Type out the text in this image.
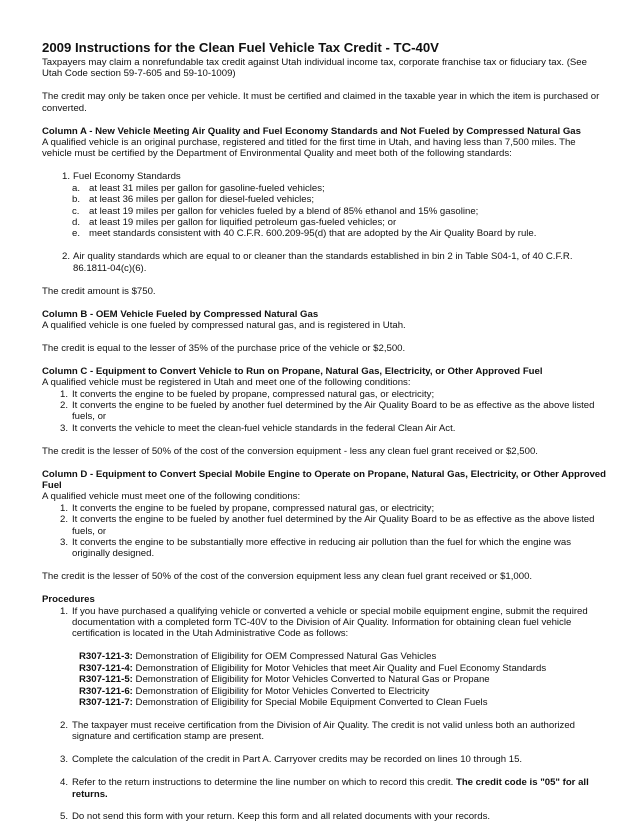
2009 Instructions for the Clean Fuel Vehicle Tax Credit - TC-40V

Taxpayers may claim a nonrefundable tax credit against Utah individual income tax, corporate franchise tax or fiduciary tax. (See Utah Code section 59-7-605 and 59-10-1009)

The credit may only be taken once per vehicle. It must be certified and claimed in the taxable year in which the item is purchased or converted.

Column A - New Vehicle Meeting Air Quality and Fuel Economy Standards and Not Fueled by Compressed Natural Gas

A qualified vehicle is an original purchase, registered and titled for the first time in Utah, and having less than 7,500 miles. The vehicle must be certified by the Department of Environmental Quality and meet both of the following standards:

1. Fuel Economy Standards
a. at least 31 miles per gallon for gasoline-fueled vehicles;
b. at least 36 miles per gallon for diesel-fueled vehicles;
c. at least 19 miles per gallon for vehicles fueled by a blend of 85% ethanol and 15% gasoline;
d. at least 19 miles per gallon for liquified petroleum gas-fueled vehicles; or
e. meet standards consistent with 40 C.F.R. 600.209-95(d) that are adopted by the Air Quality Board by rule.
2. Air quality standards which are equal to or cleaner than the standards established in bin 2 in Table S04-1, of 40 C.F.R. 86.1811-04(c)(6).

The credit amount is $750.

Column B - OEM Vehicle Fueled by Compressed Natural Gas

A qualified vehicle is one fueled by compressed natural gas, and is registered in Utah.

The credit is equal to the lesser of 35% of the purchase price of the vehicle or $2,500.

Column C - Equipment to Convert Vehicle to Run on Propane, Natural Gas, Electricity, or Other Approved Fuel

A qualified vehicle must be registered in Utah and meet one of the following conditions:

1. It converts the engine to be fueled by propane, compressed natural gas, or electricity;
2. It converts the engine to be fueled by another fuel determined by the Air Quality Board to be as effective as the above listed fuels, or
3. It converts the vehicle to meet the clean-fuel vehicle standards in the federal Clean Air Act.

The credit is the lesser of 50% of the cost of the conversion equipment - less any clean fuel grant received or $2,500.

Column D - Equipment to Convert Special Mobile Engine to Operate on Propane, Natural Gas, Electricity, or Other Approved Fuel

A qualified vehicle must meet one of the following conditions:

1. It converts the engine to be fueled by propane, compressed natural gas, or electricity;
2. It converts the engine to be fueled by another fuel determined by the Air Quality Board to be as effective as the above listed fuels, or
3. It converts the engine to be substantially more effective in reducing air pollution than the fuel for which the engine was originally designed.

The credit is the lesser of 50% of the cost of the conversion equipment less any clean fuel grant received or $1,000.

Procedures
1. If you have purchased a qualifying vehicle or converted a vehicle or special mobile equipment engine, submit the required documentation with a completed form TC-40V to the Division of Air Quality. Information for obtaining clean fuel vehicle certification is located in the Utah Administrative Code as follows:
R307-121-3: Demonstration of Eligibility for OEM Compressed Natural Gas Vehicles
R307-121-4: Demonstration of Eligibility for Motor Vehicles that meet Air Quality and Fuel Economy Standards
R307-121-5: Demonstration of Eligibility for Motor Vehicles Converted to Natural Gas or Propane
R307-121-6: Demonstration of Eligibility for Motor Vehicles Converted to Electricity
R307-121-7: Demonstration of Eligibility for Special Mobile Equipment Converted to Clean Fuels
2. The taxpayer must receive certification from the Division of Air Quality. The credit is not valid unless both an authorized signature and certification stamp are present.
3. Complete the calculation of the credit in Part A. Carryover credits may be recorded on lines 10 through 15.
4. Refer to the return instructions to determine the line number on which to record this credit. The credit code is "05" for all returns.
5. Do not send this form with your return. Keep this form and all related documents with your records.
